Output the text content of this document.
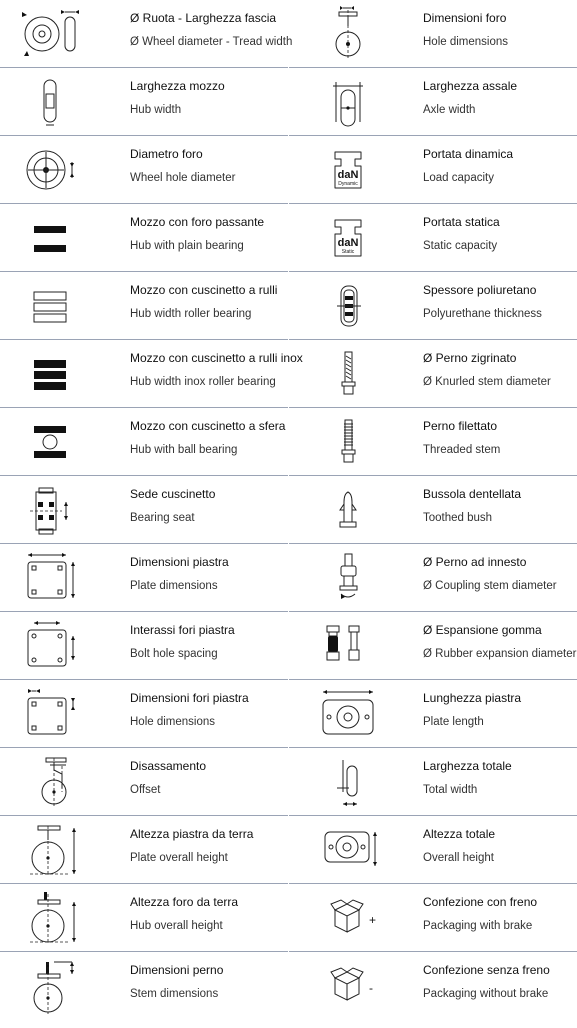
Ø Ruota - Larghezza fascia
Ø Wheel diameter - Tread width
Larghezza mozzo
Hub width
Diametro foro
Wheel hole diameter
Mozzo con foro passante
Hub with plain bearing
Mozzo con cuscinetto a rulli
Hub width roller bearing
Mozzo con cuscinetto a rulli inox
Hub width inox roller bearing
Mozzo con cuscinetto a sfera
Hub with ball bearing
Sede cuscinetto
Bearing seat
Dimensioni piastra
Plate dimensions
Interassi fori piastra
Bolt hole spacing
Dimensioni fori piastra
Hole dimensions
Disassamento
Offset
Altezza piastra da terra
Plate overall height
Altezza foro da terra
Hub overall height
Dimensioni perno
Stem dimensions
Dimensioni foro
Hole dimensions
Larghezza assale
Axle width
daN
Dynamic
Portata dinamica
Load capacity
daN
Static
Portata statica
Static capacity
Spessore poliuretano
Polyurethane thickness
Ø Perno zigrinato
Ø Knurled stem diameter
Perno filettato
Threaded stem
Bussola dentellata
Toothed bush
Ø Perno ad innesto
Ø Coupling stem diameter
Ø Espansione gomma
Ø Rubber expansion diameter
Lunghezza piastra
Plate length
Larghezza totale
Total width
Altezza totale
Overall height
+
Confezione con freno
Packaging with brake
-
Confezione senza freno
Packaging without brake
